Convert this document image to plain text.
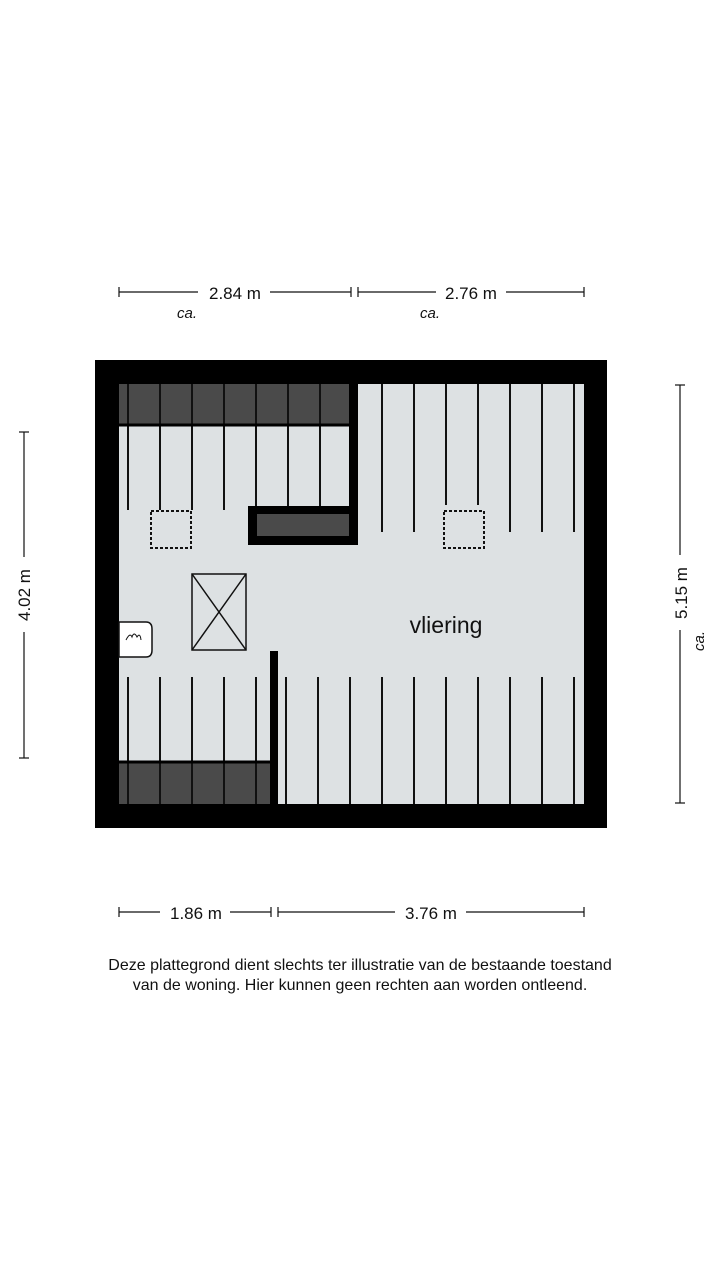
2.84 m
ca.
2.76 m
ca.
4.02 m	5.15 m
ca.
vliering
1.86 m	3.76 m
Deze plattegrond dient slechts ter illustratie van de bestaande toestand
van de woning. Hier kunnen geen rechten aan worden ontleend.
